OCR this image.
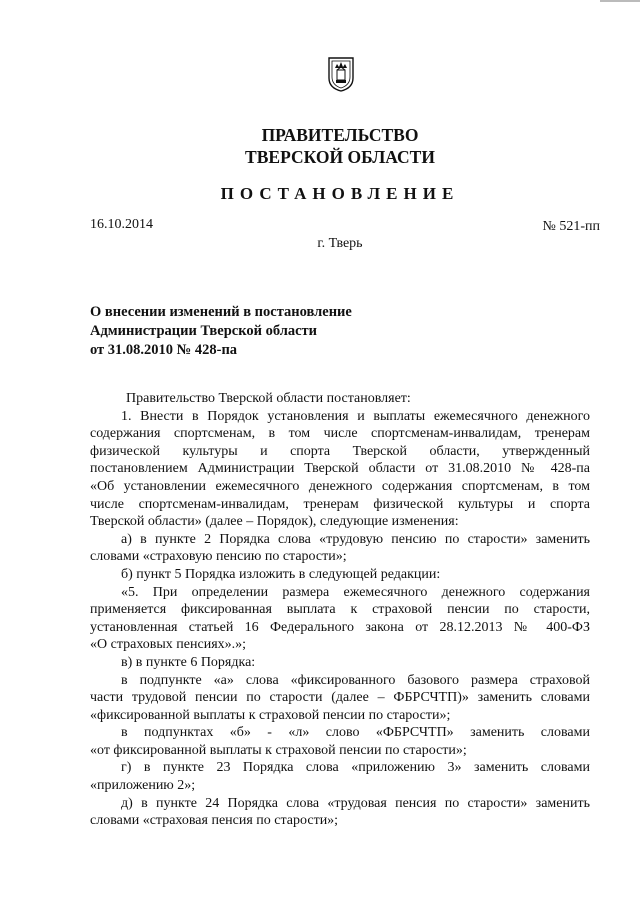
ПРАВИТЕЛЬСТВО
ТВЕРСКОЙ ОБЛАСТИ
ПОСТАНОВЛЕНИЕ
16.10.2014	№ 521-пп
г. Тверь
О внесении изменений в постановление
Администрации Тверской области
от 31.08.2010 № 428-па

Правительство Тверской области постановляет:

1. Внести в Порядок установления и выплаты ежемесячного денежного

содержания спортсменам, в том числе спортсменам-инвалидам, тренерам

физической культуры и спорта Тверской области, утвержденный

постановлением Администрации Тверской области от 31.08.2010 № 428-па

«Об установлении ежемесячного денежного содержания спортсменам, в том

числе спортсменам-инвалидам, тренерам физической культуры и спорта

Тверской области» (далее – Порядок), следующие изменения:

а) в пункте 2 Порядка слова «трудовую пенсию по старости» заменить

словами «страховую пенсию по старости»;

б) пункт 5 Порядка изложить в следующей редакции:

«5. При определении размера ежемесячного денежного содержания

применяется фиксированная выплата к страховой пенсии по старости,

установленная статьей 16 Федерального закона от 28.12.2013 № 400-ФЗ

«О страховых пенсиях».»;

в) в пункте 6 Порядка:

в подпункте «а» слова «фиксированного базового размера страховой

части трудовой пенсии по старости (далее – ФБРСЧТП)» заменить словами

«фиксированной выплаты к страховой пенсии по старости»;

в подпунктах «б» - «л» слово «ФБРСЧТП» заменить словами

«от фиксированной выплаты к страховой пенсии по старости»;

г) в пункте 23 Порядка слова «приложению 3» заменить словами

«приложению 2»;

д) в пункте 24 Порядка слова «трудовая пенсия по старости» заменить

словами «страховая пенсия по старости»;
